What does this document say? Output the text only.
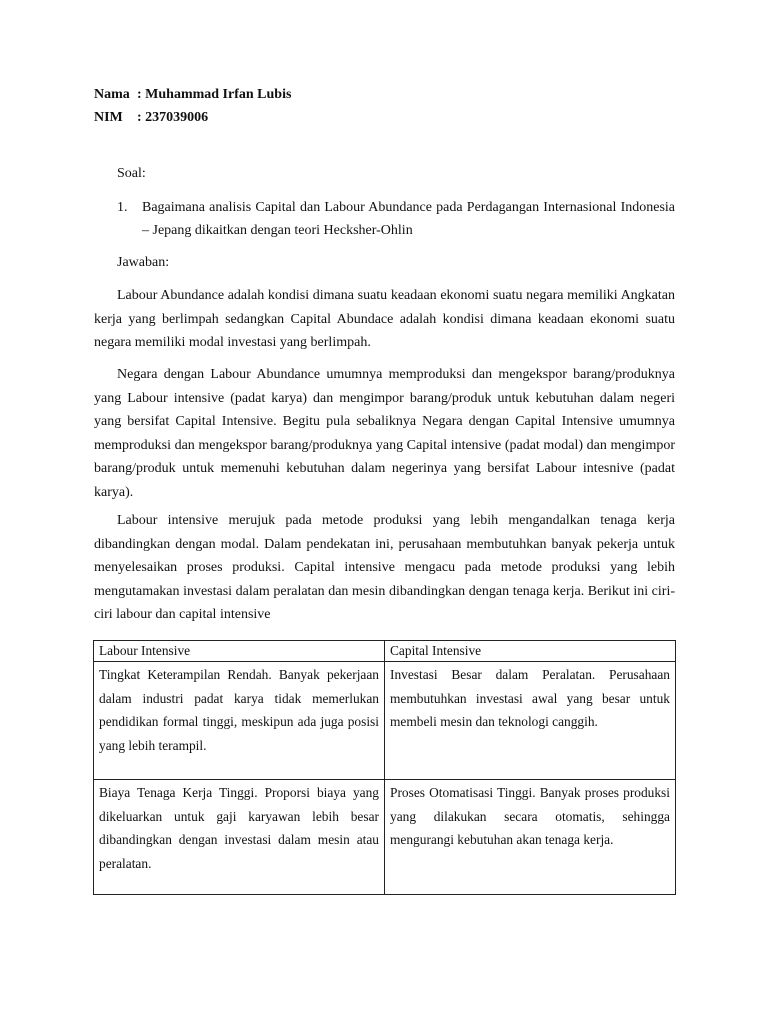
Nama : Muhammad Irfan Lubis
NIM : 237039006
Soal:
1. Bagaimana analisis Capital dan Labour Abundance pada Perdagangan Internasional Indonesia – Jepang dikaitkan dengan teori Hecksher-Ohlin
Jawaban:
Labour Abundance adalah kondisi dimana suatu keadaan ekonomi suatu negara memiliki Angkatan kerja yang berlimpah sedangkan Capital Abundace adalah kondisi dimana keadaan ekonomi suatu negara memiliki modal investasi yang berlimpah.
Negara dengan Labour Abundance umumnya memproduksi dan mengekspor barang/produknya yang Labour intensive (padat karya) dan mengimpor barang/produk untuk kebutuhan dalam negeri yang bersifat Capital Intensive. Begitu pula sebaliknya Negara dengan Capital Intensive umumnya memproduksi dan mengekspor barang/produknya yang Capital intensive (padat modal) dan mengimpor barang/produk untuk memenuhi kebutuhan dalam negerinya yang bersifat Labour intesnive (padat karya).
Labour intensive merujuk pada metode produksi yang lebih mengandalkan tenaga kerja dibandingkan dengan modal. Dalam pendekatan ini, perusahaan membutuhkan banyak pekerja untuk menyelesaikan proses produksi. Capital intensive mengacu pada metode produksi yang lebih mengutamakan investasi dalam peralatan dan mesin dibandingkan dengan tenaga kerja. Berikut ini ciri-ciri labour dan capital intensive
Labour Intensive	Capital Intensive
Tingkat Keterampilan Rendah. Banyak pekerjaan dalam industri padat karya tidak memerlukan pendidikan formal tinggi, meskipun ada juga posisi yang lebih terampil.	Investasi Besar dalam Peralatan. Perusahaan membutuhkan investasi awal yang besar untuk membeli mesin dan teknologi canggih.
Biaya Tenaga Kerja Tinggi. Proporsi biaya yang dikeluarkan untuk gaji karyawan lebih besar dibandingkan dengan investasi dalam mesin atau peralatan.	Proses Otomatisasi Tinggi. Banyak proses produksi yang dilakukan secara otomatis, sehingga mengurangi kebutuhan akan tenaga kerja.
